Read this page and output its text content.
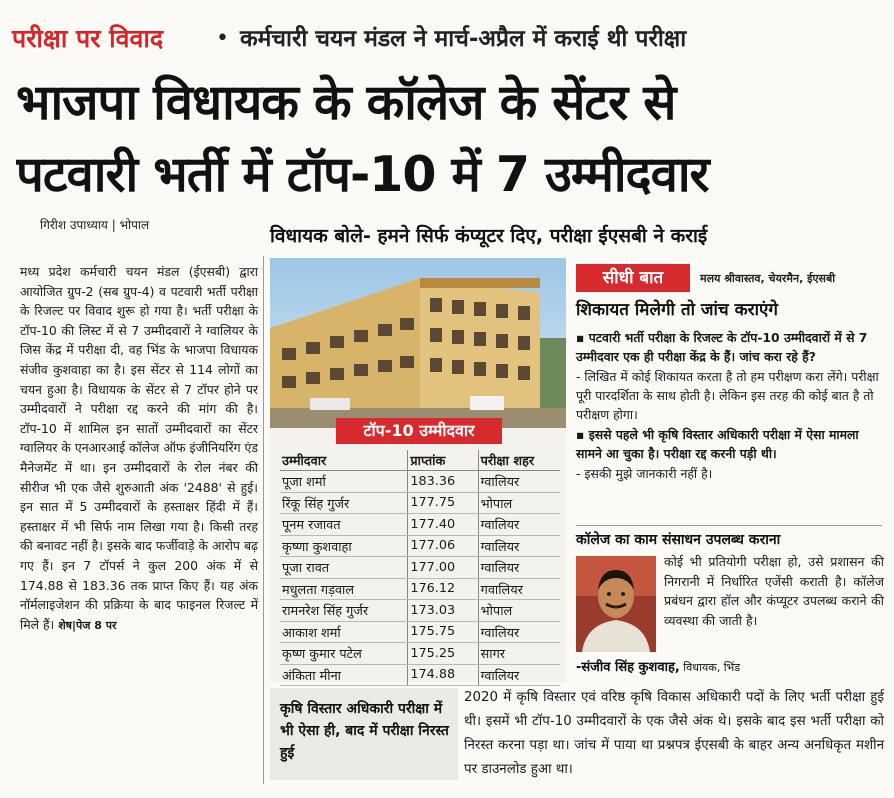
परीक्षा पर विवाद	• कर्मचारी चयन मंडल ने मार्च-अप्रैल में कराई थी परीक्षा
भाजपा विधायक के कॉलेज के सेंटर से
पटवारी भर्ती में टॉप-10 में 7 उम्मीदवार
गिरीश उपाध्याय | भोपाल	विधायक बोले- हमने सिर्फ कंप्यूटर दिए, परीक्षा ईएसबी ने कराई
मध्य प्रदेश कर्मचारी चयन मंडल (ईएसबी) द्वारा आयोजित ग्रुप-2 (सब ग्रुप-4) व पटवारी भर्ती परीक्षा के रिजल्ट पर विवाद शुरू हो गया है। भर्ती परीक्षा के टॉप-10 की लिस्ट में से 7 उम्मीदवारों ने ग्वालियर के जिस केंद्र में परीक्षा दी, वह भिंड के भाजपा विधायक संजीव कुशवाहा का है। इस सेंटर से 114 लोगों का चयन हुआ है। विधायक के सेंटर से 7 टॉपर होने पर उम्मीदवारों ने परीक्षा रद्द करने की मांग की है। टॉप-10 में शामिल इन सातों उम्मीदवारों का सेंटर ग्वालियर के एनआरआई कॉलेज ऑफ इंजीनियरिंग एंड मैनेजमेंट में था। इन उम्मीदवारों के रोल नंबर की सीरीज भी एक जैसे शुरुआती अंक '2488' से हुई। इन सात में 5 उम्मीदवारों के हस्ताक्षर हिंदी में हैं। हस्ताक्षर में भी सिर्फ नाम लिखा गया है। किसी तरह की बनावट नहीं है। इसके बाद फर्जीवाड़े के आरोप बढ़ गए हैं। इन 7 टॉपर्स ने कुल 200 अंक में से 174.88 से 183.36 तक प्राप्त किए हैं। यह अंक नॉर्मलाइजेशन की प्रक्रिया के बाद फाइनल रिजल्ट में मिले हैं। शेष|पेज 8 पर
टॉप-10 उम्मीदवार
उम्मीदवार	प्राप्तांक	परीक्षा शहर
पूजा शर्मा	183.36	ग्वालियर
रिंकू सिंह गुर्जर	177.75	भोपाल
पूनम रजावत	177.40	ग्वालियर
कृष्णा कुशवाहा	177.06	ग्वालियर
पूजा रावत	177.00	ग्वालियर
मधुलता गड़वाल	176.12	गवालियर
रामनरेश सिंह गुर्जर	173.03	भोपाल
आकाश शर्मा	175.75	ग्वालियर
कृष्ण कुमार पटेल	175.25	सागर
अंकिता मीना	174.88	ग्वालियर
सीधी बात	मलय श्रीवास्तव, चेयरमैन, ईएसबी
शिकायत मिलेगी तो जांच कराएंगे

▪ पटवारी भर्ती परीक्षा के रिजल्ट के टॉप-10 उम्मीदवारों में से 7 उम्मीदवार एक ही परीक्षा केंद्र के हैं। जांच करा रहे हैं?

- लिखित में कोई शिकायत करता है तो हम परीक्षण करा लेंगे। परीक्षा पूरी पारदर्शिता के साथ होती है। लेकिन इस तरह की कोई बात है तो परीक्षण होगा।

▪ इससे पहले भी कृषि विस्तार अधिकारी परीक्षा में ऐसा मामला सामने आ चुका है। परीक्षा रद्द करनी पड़ी थी।

- इसकी मुझे जानकारी नहीं है।

कॉलेज का काम संसाधन उपलब्ध कराना
कोई भी प्रतियोगी परीक्षा हो, उसे प्रशासन की निगरानी में निर्धारित एजेंसी कराती है। कॉलेज प्रबंधन द्वारा हॉल और कंप्यूटर उपलब्ध कराने की व्यवस्था की जाती है।
-संजीव सिंह कुशवाह, विधायक, भिंड
कृषि विस्तार अधिकारी परीक्षा में भी ऐसा ही, बाद में परीक्षा निरस्त हुई
2020 में कृषि विस्तार एवं वरिष्ठ कृषि विकास अधिकारी पदों के लिए भर्ती परीक्षा हुई थी। इसमें भी टॉप-10 उम्मीदवारों के एक जैसे अंक थे। इसके बाद इस भर्ती परीक्षा को निरस्त करना पड़ा था। जांच में पाया था प्रश्नपत्र ईएसबी के बाहर अन्य अनधिकृत मशीन पर डाउनलोड हुआ था।
